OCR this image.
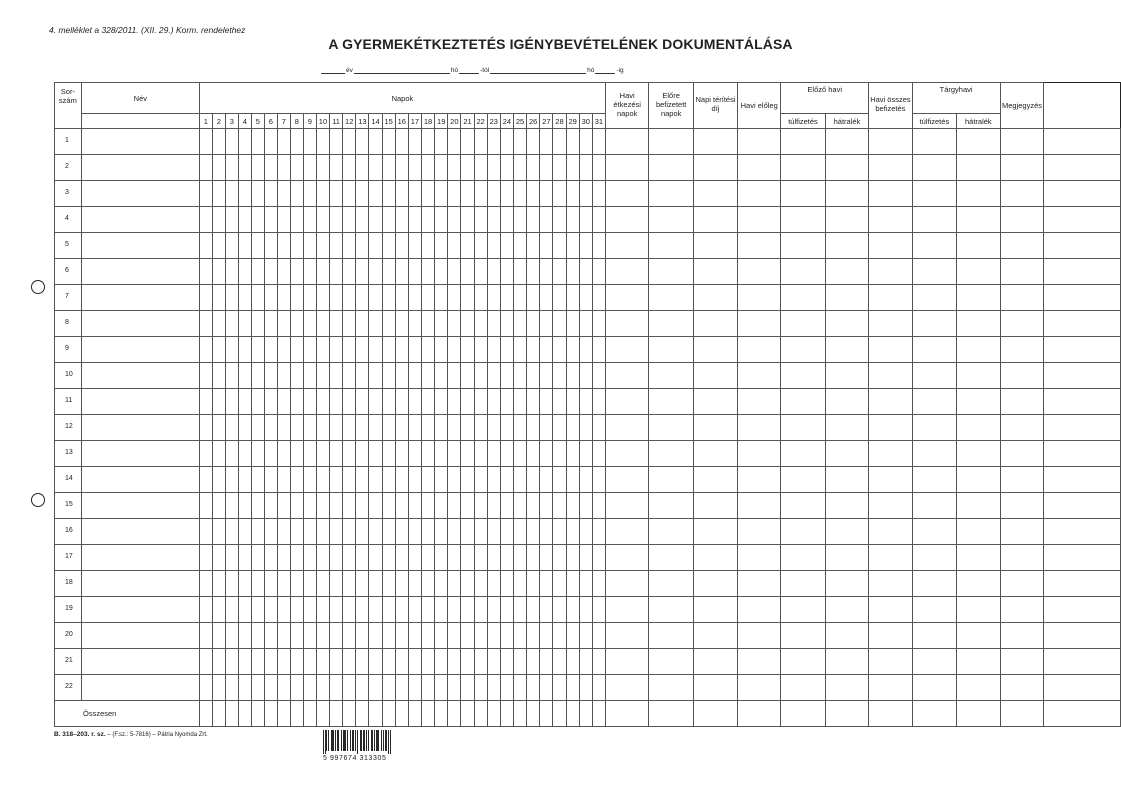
4. melléklet a 328/2011. (XII. 29.) Korm. rendelethez
A GYERMEKÉTKEZTETÉS IGÉNYBEVÉTELÉNEK DOKUMENTÁLÁSA
év	hó	-tól	hó	-ig
Sor-
szám	Név	Napok																															Havi
étkezési
napok	Előre
befizetett
napok	Napi térítési
díj	Havi előleg	Előző havi		Havi összes
befizetés	Tárgyhavi		Megjegyzés	
		1	2	3	4	5	6	7	8	9	10	11	12	13	14	15	16	17	18	19	20	21	22	23	24	25	26	27	28	29	30	31					túlfizetés	hátralék		túlfizetés	hátralék		
1																																											
2																																											
3																																											
4																																											
5																																											
6																																											
7																																											
8																																											
9																																											
10																																											
11																																											
12																																											
13																																											
14																																											
15																																											
16																																											
17																																											
18																																											
19																																											
20																																											
21																																											
22																																											
Összesen																																											
B. 318–203. r. sz. – (F.sz.: 5-7816) – Pátria Nyomda Zrt.
5 997674 313305
